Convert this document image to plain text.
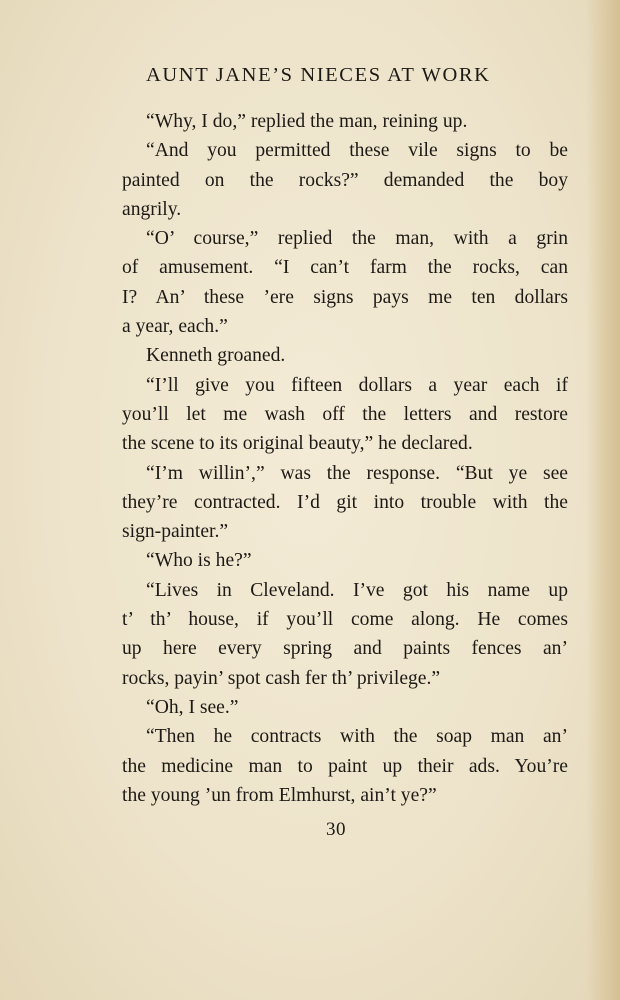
AUNT JANE’S NIECES AT WORK
“Why, I do,” replied the man, reining up.
“And you permitted these vile signs to be
painted on the rocks?” demanded the boy
angrily.
“O’ course,” replied the man, with a grin
of amusement. “I can’t farm the rocks, can
I? An’ these ’ere signs pays me ten dollars
a year, each.”
Kenneth groaned.
“I’ll give you fifteen dollars a year each if
you’ll let me wash off the letters and restore
the scene to its original beauty,” he declared.
“I’m willin’,” was the response. “But ye see
they’re contracted. I’d git into trouble with the
sign-painter.”
“Who is he?”
“Lives in Cleveland. I’ve got his name up
t’ th’ house, if you’ll come along. He comes
up here every spring and paints fences an’
rocks, payin’ spot cash fer th’ privilege.”
“Oh, I see.”
“Then he contracts with the soap man an’
the medicine man to paint up their ads. You’re
the young ’un from Elmhurst, ain’t ye?”
30
